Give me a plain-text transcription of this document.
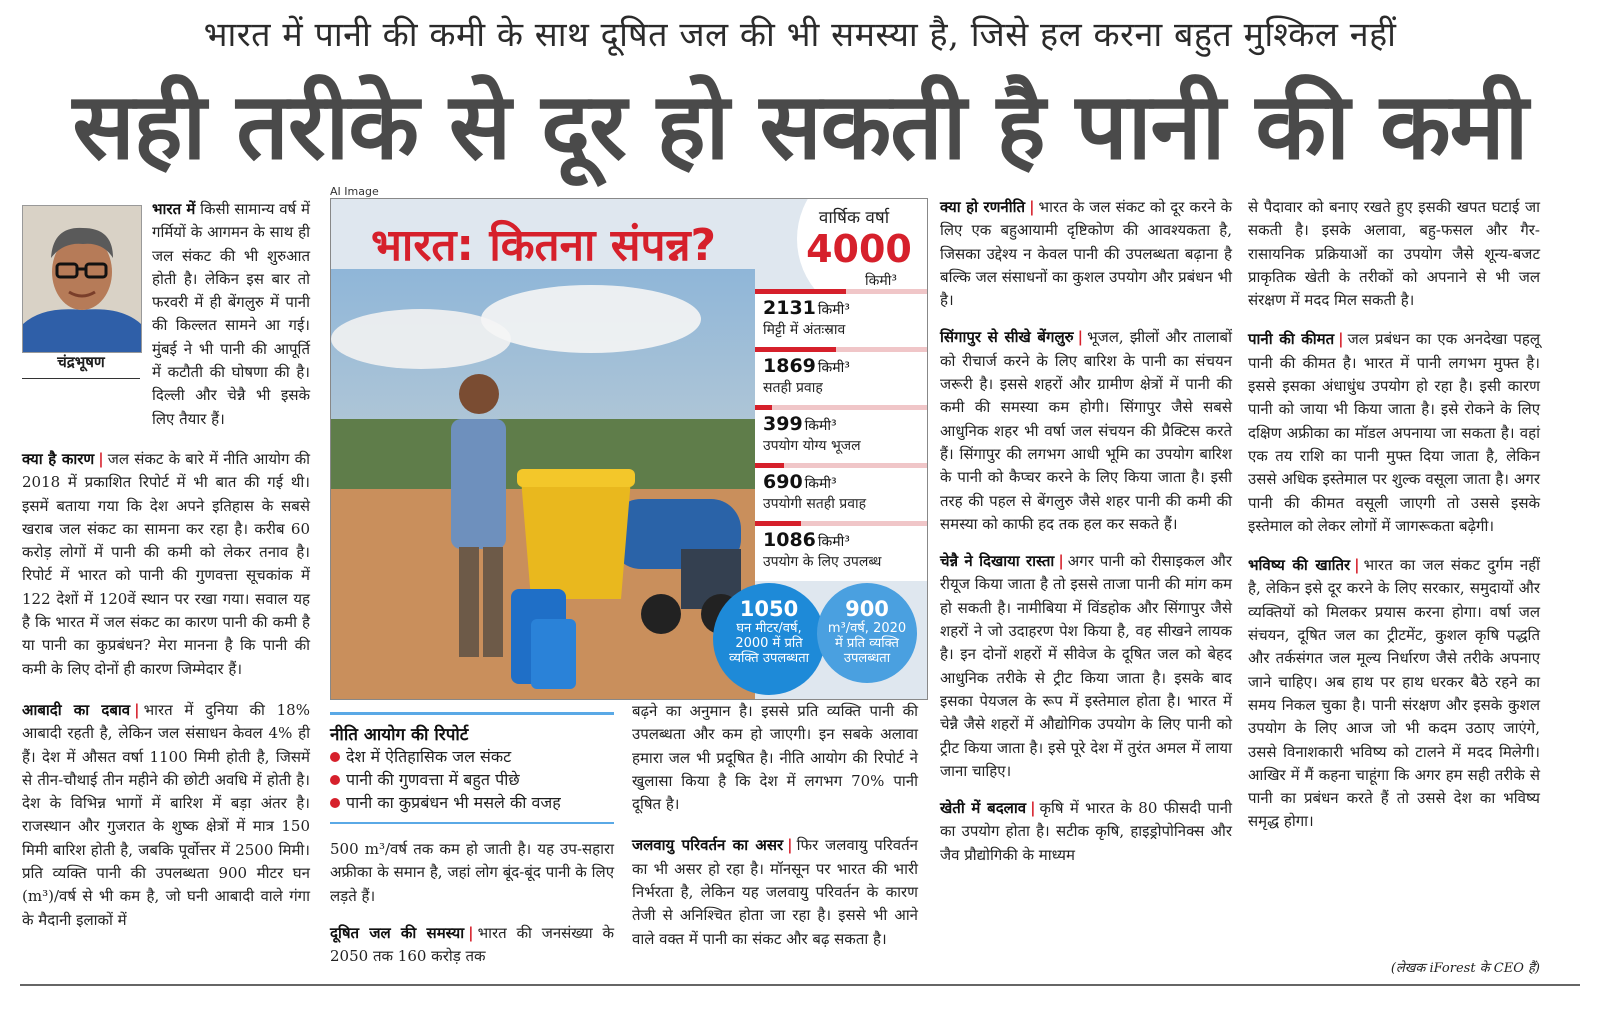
भारत में पानी की कमी के साथ दूषित जल की भी समस्या है, जिसे हल करना बहुत मुश्किल नहीं
सही तरीके से दूर हो सकती है पानी की कमी
चंद्रभूषण
भारत में किसी सामान्य वर्ष में गर्मियों के आगमन के साथ ही जल संकट की भी शुरुआत होती है। लेकिन इस बार तो फरवरी में ही बेंगलुरु में पानी की किल्लत सामने आ गई। मुंबई ने भी पानी की आपूर्ति में कटौती की घोषणा की है। दिल्ली और चेन्नै भी इसके लिए तैयार हैं।

क्या है कारण | जल संकट के बारे में नीति आयोग की 2018 में प्रकाशित रिपोर्ट में भी बात की गई थी। इसमें बताया गया कि देश अपने इतिहास के सबसे खराब जल संकट का सामना कर रहा है। करीब 60 करोड़ लोगों में पानी की कमी को लेकर तनाव है। रिपोर्ट में भारत को पानी की गुणवत्ता सूचकांक में 122 देशों में 120वें स्थान पर रखा गया। सवाल यह है कि भारत में जल संकट का कारण पानी की कमी है या पानी का कुप्रबंधन? मेरा मानना है कि पानी की कमी के लिए दोनों ही कारण जिम्मेदार हैं।

आबादी का दबाव | भारत में दुनिया की 18% आबादी रहती है, लेकिन जल संसाधन केवल 4% ही हैं। देश में औसत वर्षा 1100 मिमी होती है, जिसमें से तीन-चौथाई तीन महीने की छोटी अवधि में होती है। देश के विभिन्न भागों में बारिश में बड़ा अंतर है। राजस्थान और गुजरात के शुष्क क्षेत्रों में मात्र 150 मिमी बारिश होती है, जबकि पूर्वोत्तर में 2500 मिमी। प्रति व्यक्ति पानी की उपलब्धता 900 मीटर घन (m³)/वर्ष से भी कम है, जो घनी आबादी वाले गंगा के मैदानी इलाकों में

AI Image
भारत: कितना संपन्न?
वार्षिक वर्षा
4000
किमी³
2131 किमी³
मिट्टी में अंतःस्राव
1869 किमी³
सतही प्रवाह
399 किमी³
उपयोग योग्य भूजल
690 किमी³
उपयोगी सतही प्रवाह
1086 किमी³
उपयोग के लिए उपलब्ध
1050
घन मीटर/वर्ष, 2000 में प्रति व्यक्ति उपलब्धता
900
m³/वर्ष, 2020 में प्रति व्यक्ति उपलब्धता
नीति आयोग की रिपोर्ट
देश में ऐतिहासिक जल संकट
पानी की गुणवत्ता में बहुत पीछे
पानी का कुप्रबंधन भी मसले की वजह

500 m³/वर्ष तक कम हो जाती है। यह उप-सहारा अफ्रीका के समान है, जहां लोग बूंद-बूंद पानी के लिए लड़ते हैं।

दूषित जल की समस्या | भारत की जनसंख्या के 2050 तक 160 करोड़ तक

बढ़ने का अनुमान है। इससे प्रति व्यक्ति पानी की उपलब्धता और कम हो जाएगी। इन सबके अलावा हमारा जल भी प्रदूषित है। नीति आयोग की रिपोर्ट ने खुलासा किया है कि देश में लगभग 70% पानी दूषित है।

जलवायु परिवर्तन का असर | फिर जलवायु परिवर्तन का भी असर हो रहा है। मॉनसून पर भारत की भारी निर्भरता है, लेकिन यह जलवायु परिवर्तन के कारण तेजी से अनिश्चित होता जा रहा है। इससे भी आने वाले वक्त में पानी का संकट और बढ़ सकता है।

क्या हो रणनीति | भारत के जल संकट को दूर करने के लिए एक बहुआयामी दृष्टिकोण की आवश्यकता है, जिसका उद्देश्य न केवल पानी की उपलब्धता बढ़ाना है बल्कि जल संसाधनों का कुशल उपयोग और प्रबंधन भी है।

सिंगापुर से सीखे बेंगलुरु | भूजल, झीलों और तालाबों को रीचार्ज करने के लिए बारिश के पानी का संचयन जरूरी है। इससे शहरों और ग्रामीण क्षेत्रों में पानी की कमी की समस्या कम होगी। सिंगापुर जैसे सबसे आधुनिक शहर भी वर्षा जल संचयन की प्रैक्टिस करते हैं। सिंगापुर की लगभग आधी भूमि का उपयोग बारिश के पानी को कैप्चर करने के लिए किया जाता है। इसी तरह की पहल से बेंगलुरु जैसे शहर पानी की कमी की समस्या को काफी हद तक हल कर सकते हैं।

चेन्नै ने दिखाया रास्ता | अगर पानी को रीसाइकल और रीयूज किया जाता है तो इससे ताजा पानी की मांग कम हो सकती है। नामीबिया में विंडहोक और सिंगापुर जैसे शहरों ने जो उदाहरण पेश किया है, वह सीखने लायक है। इन दोनों शहरों में सीवेज के दूषित जल को बेहद आधुनिक तरीके से ट्रीट किया जाता है। इसके बाद इसका पेयजल के रूप में इस्तेमाल होता है। भारत में चेन्नै जैसे शहरों में औद्योगिक उपयोग के लिए पानी को ट्रीट किया जाता है। इसे पूरे देश में तुरंत अमल में लाया जाना चाहिए।

खेती में बदलाव | कृषि में भारत के 80 फीसदी पानी का उपयोग होता है। सटीक कृषि, हाइड्रोपोनिक्स और जैव प्रौद्योगिकी के माध्यम

से पैदावार को बनाए रखते हुए इसकी खपत घटाई जा सकती है। इसके अलावा, बहु-फसल और गैर-रासायनिक प्रक्रियाओं का उपयोग जैसे शून्य-बजट प्राकृतिक खेती के तरीकों को अपनाने से भी जल संरक्षण में मदद मिल सकती है।

पानी की कीमत | जल प्रबंधन का एक अनदेखा पहलू पानी की कीमत है। भारत में पानी लगभग मुफ्त है। इससे इसका अंधाधुंध उपयोग हो रहा है। इसी कारण पानी को जाया भी किया जाता है। इसे रोकने के लिए दक्षिण अफ्रीका का मॉडल अपनाया जा सकता है। वहां एक तय राशि का पानी मुफ्त दिया जाता है, लेकिन उससे अधिक इस्तेमाल पर शुल्क वसूला जाता है। अगर पानी की कीमत वसूली जाएगी तो उससे इसके इस्तेमाल को लेकर लोगों में जागरूकता बढ़ेगी।

भविष्य की खातिर | भारत का जल संकट दुर्गम नहीं है, लेकिन इसे दूर करने के लिए सरकार, समुदायों और व्यक्तियों को मिलकर प्रयास करना होगा। वर्षा जल संचयन, दूषित जल का ट्रीटमेंट, कुशल कृषि पद्धति और तर्कसंगत जल मूल्य निर्धारण जैसे तरीके अपनाए जाने चाहिए। अब हाथ पर हाथ धरकर बैठे रहने का समय निकल चुका है। पानी संरक्षण और इसके कुशल उपयोग के लिए आज जो भी कदम उठाए जाएंगे, उससे विनाशकारी भविष्य को टालने में मदद मिलेगी। आखिर में मैं कहना चाहूंगा कि अगर हम सही तरीके से पानी का प्रबंधन करते हैं तो उससे देश का भविष्य समृद्ध होगा।

(लेखक iForest के CEO हैं)
